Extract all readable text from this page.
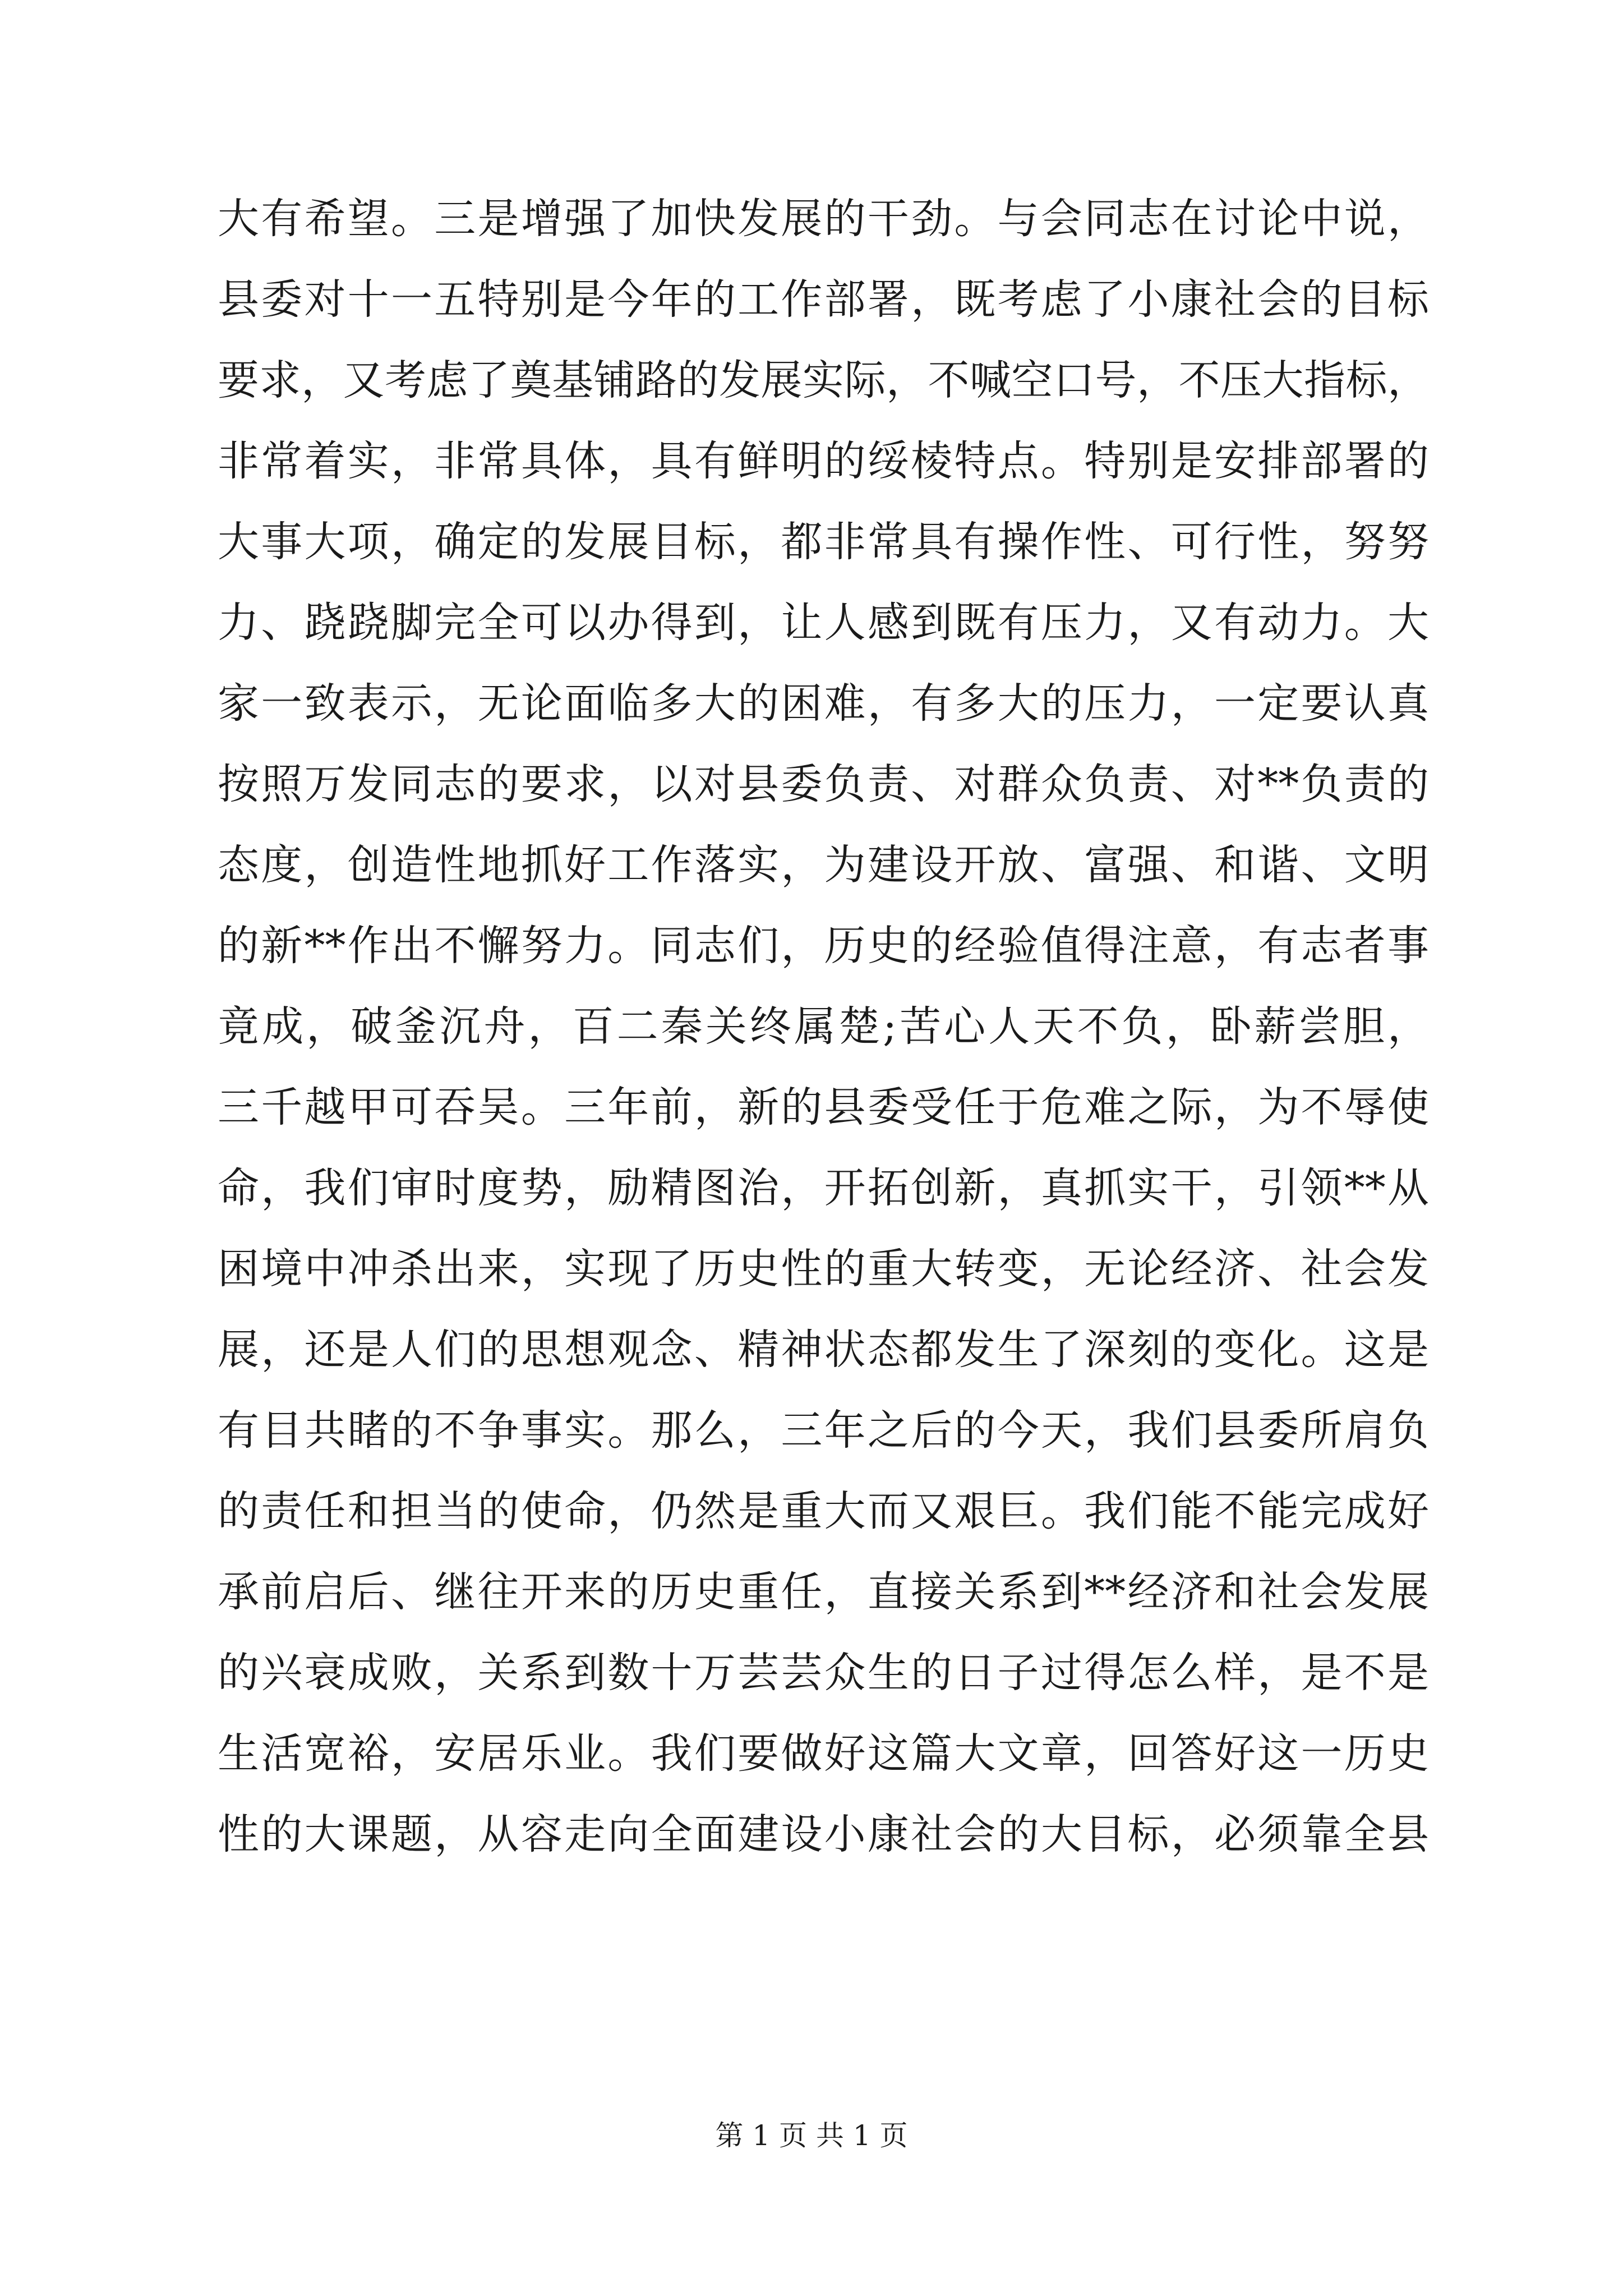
大有希望。三是增强了加快发展的干劲。与会同志在讨论中说，
县委对十一五特别是今年的工作部署，既考虑了小康社会的目标
要求，又考虑了奠基铺路的发展实际，不喊空口号，不压大指标，
非常着实，非常具体，具有鲜明的绥棱特点。特别是安排部署的
大事大项，确定的发展目标，都非常具有操作性、可行性，努努
力、跷跷脚完全可以办得到，让人感到既有压力，又有动力。大
家一致表示，无论面临多大的困难，有多大的压力，一定要认真
按照万发同志的要求，以对县委负责、对群众负责、对**负责的
态度，创造性地抓好工作落实，为建设开放、富强、和谐、文明
的新**作出不懈努力。同志们，历史的经验值得注意，有志者事
竟成，破釜沉舟，百二秦关终属楚;苦心人天不负，卧薪尝胆，
三千越甲可吞吴。三年前，新的县委受任于危难之际，为不辱使
命，我们审时度势，励精图治，开拓创新，真抓实干，引领**从
困境中冲杀出来，实现了历史性的重大转变，无论经济、社会发
展，还是人们的思想观念、精神状态都发生了深刻的变化。这是
有目共睹的不争事实。那么，三年之后的今天，我们县委所肩负
的责任和担当的使命，仍然是重大而又艰巨。我们能不能完成好
承前启后、继往开来的历史重任，直接关系到**经济和社会发展
的兴衰成败，关系到数十万芸芸众生的日子过得怎么样，是不是
生活宽裕，安居乐业。我们要做好这篇大文章，回答好这一历史
性的大课题，从容走向全面建设小康社会的大目标，必须靠全县
第 1 页 共 1 页
